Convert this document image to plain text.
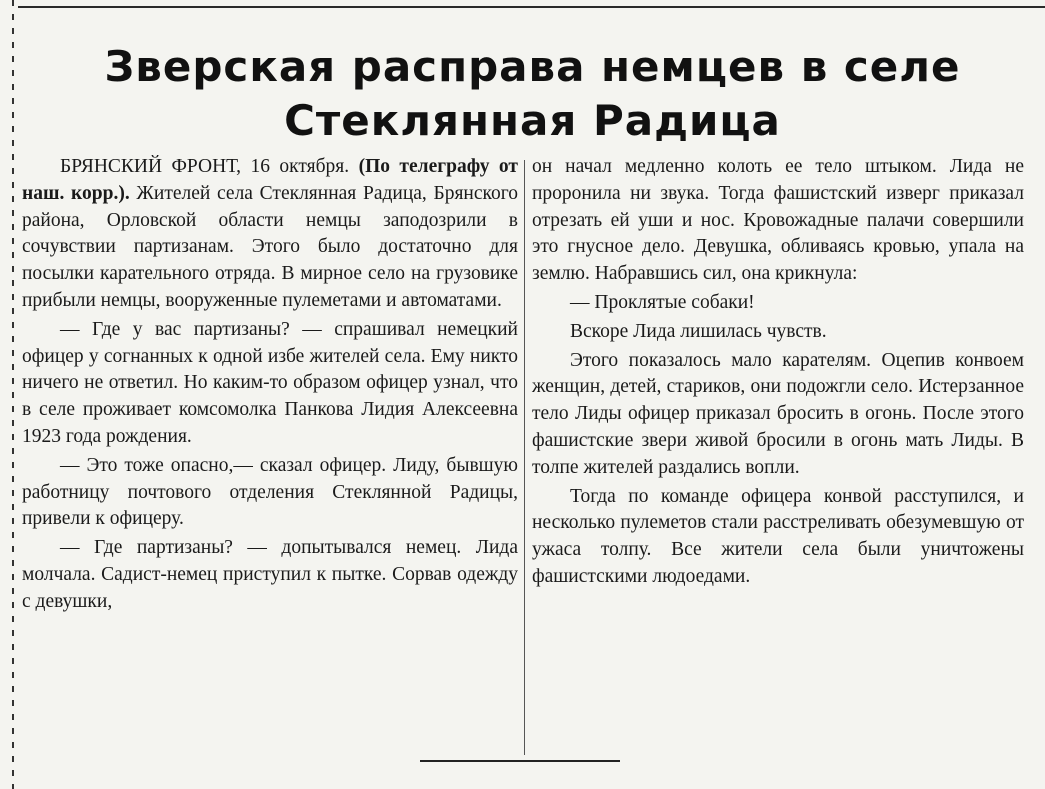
Зверская расправа немцев в селе
Стеклянная Радица

БРЯНСКИЙ ФРОНТ, 16 октября. (По телеграфу от наш. корр.). Жителей села Стеклянная Радица, Брянского района, Орловской области немцы заподозрили в сочувствии партизанам. Этого было достаточно для посылки карательного отряда. В мирное село на грузовике прибыли немцы, вооруженные пулеметами и автоматами.

— Где у вас партизаны? — спрашивал немецкий офицер у согнанных к одной избе жителей села. Ему никто ничего не ответил. Но каким-то образом офицер узнал, что в селе проживает комсомолка Панкова Лидия Алексеевна 1923 года рождения.

— Это тоже опасно,— сказал офицер. Лиду, бывшую работницу почтового отделения Стеклянной Радицы, привели к офицеру.

— Где партизаны? — допытывался немец. Лида молчала. Садист-немец приступил к пытке. Сорвав одежду с девушки,

он начал медленно колоть ее тело штыком. Лида не проронила ни звука. Тогда фашистский изверг приказал отрезать ей уши и нос. Кровожадные палачи совершили это гнусное дело. Девушка, обливаясь кровью, упала на землю. Набравшись сил, она крикнула:

— Проклятые собаки!

Вскоре Лида лишилась чувств.

Этого показалось мало карателям. Оцепив конвоем женщин, детей, стариков, они подожгли село. Истерзанное тело Лиды офицер приказал бросить в огонь. После этого фашистские звери живой бросили в огонь мать Лиды. В толпе жителей раздались вопли.

Тогда по команде офицера конвой расступился, и несколько пулеметов стали расстреливать обезумевшую от ужаса толпу. Все жители села были уничтожены фашистскими людоедами.
